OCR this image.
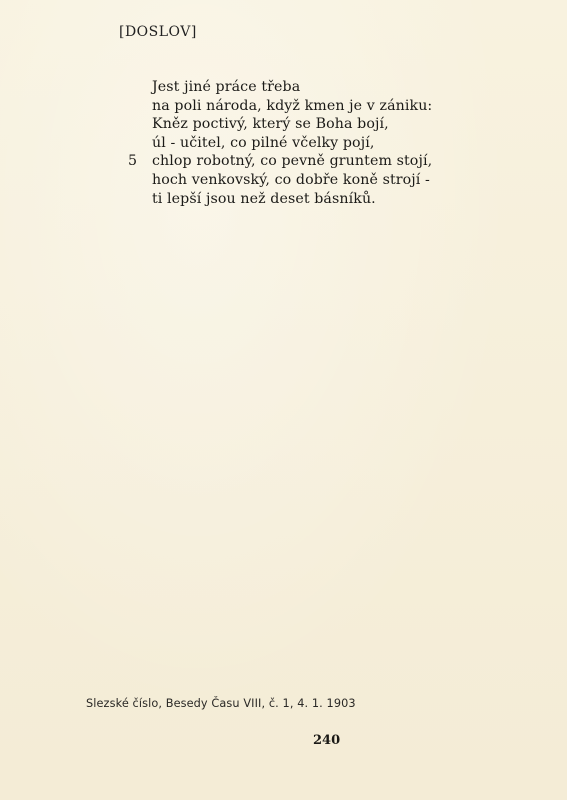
[DOSLOV]
Jest jiné práce třeba
na poli národa, když kmen je v zániku:
Kněz poctivý, který se Boha bojí,
úl - učitel, co pilné včelky pojí,
5 chlop robotný, co pevně gruntem stojí,
hoch venkovský, co dobře koně strojí -
ti lepší jsou než deset básníků.
Slezské číslo, Besedy Času VIII, č. 1, 4. 1. 1903
240
